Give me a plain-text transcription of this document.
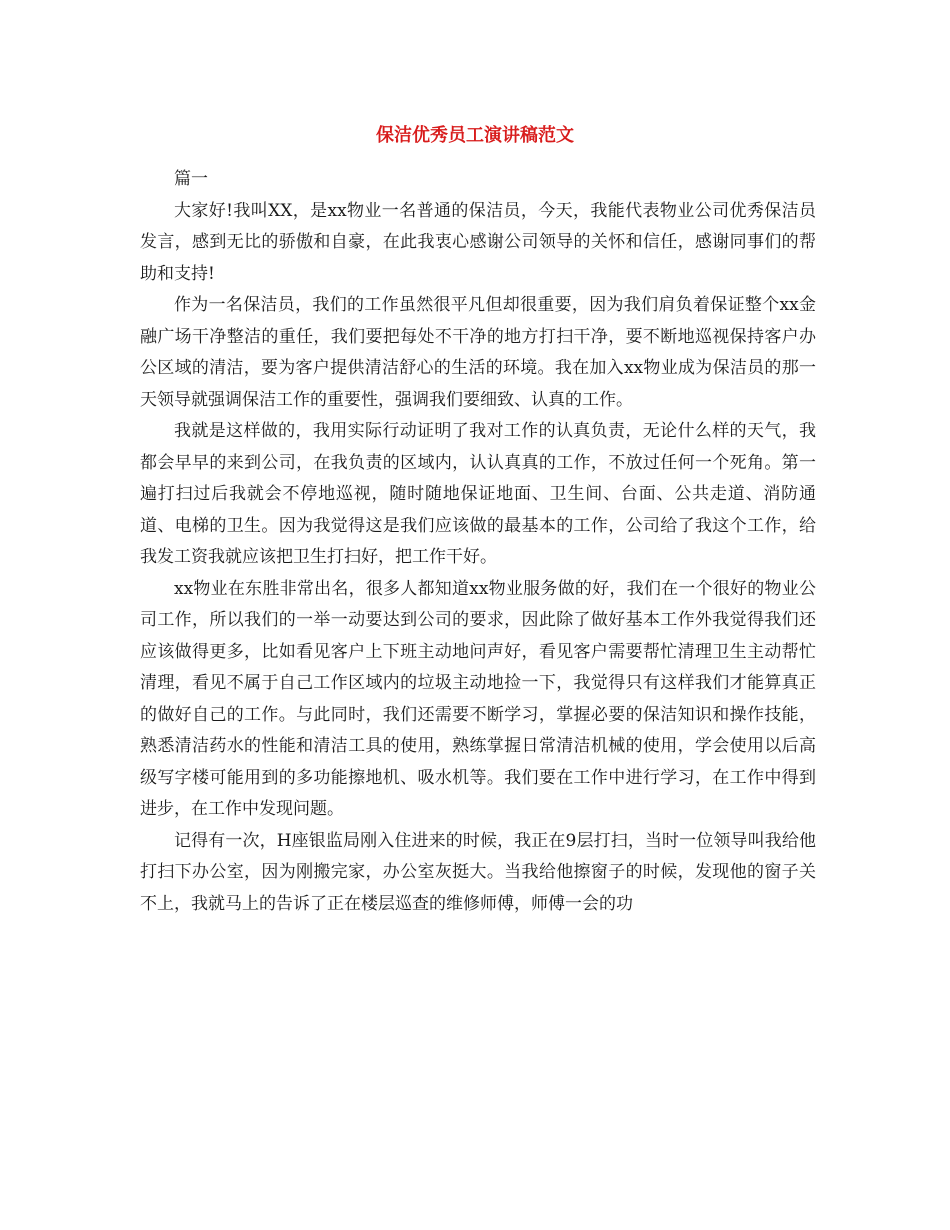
保洁优秀员工演讲稿范文

篇一

大家好!我叫XX，是xx物业一名普通的保洁员，今天，我能代表物业公司优秀保洁员发言，感到无比的骄傲和自豪，在此我衷心感谢公司领导的关怀和信任，感谢同事们的帮助和支持!

作为一名保洁员，我们的工作虽然很平凡但却很重要，因为我们肩负着保证整个xx金融广场干净整洁的重任，我们要把每处不干净的地方打扫干净，要不断地巡视保持客户办公区域的清洁，要为客户提供清洁舒心的生活的环境。我在加入xx物业成为保洁员的那一天领导就强调保洁工作的重要性，强调我们要细致、认真的工作。

我就是这样做的，我用实际行动证明了我对工作的认真负责，无论什么样的天气，我都会早早的来到公司，在我负责的区域内，认认真真的工作，不放过任何一个死角。第一遍打扫过后我就会不停地巡视，随时随地保证地面、卫生间、台面、公共走道、消防通道、电梯的卫生。因为我觉得这是我们应该做的最基本的工作，公司给了我这个工作，给我发工资我就应该把卫生打扫好，把工作干好。

xx物业在东胜非常出名，很多人都知道xx物业服务做的好，我们在一个很好的物业公司工作，所以我们的一举一动要达到公司的要求，因此除了做好基本工作外我觉得我们还应该做得更多，比如看见客户上下班主动地问声好，看见客户需要帮忙清理卫生主动帮忙清理，看见不属于自己工作区域内的垃圾主动地捡一下，我觉得只有这样我们才能算真正的做好自己的工作。与此同时，我们还需要不断学习，掌握必要的保洁知识和操作技能，熟悉清洁药水的性能和清洁工具的使用，熟练掌握日常清洁机械的使用，学会使用以后高级写字楼可能用到的多功能擦地机、吸水机等。我们要在工作中进行学习，在工作中得到进步，在工作中发现问题。

记得有一次，H座银监局刚入住进来的时候，我正在9层打扫，当时一位领导叫我给他打扫下办公室，因为刚搬完家，办公室灰挺大。当我给他擦窗子的时候，发现他的窗子关不上，我就马上的告诉了正在楼层巡查的维修师傅，师傅一会的功
